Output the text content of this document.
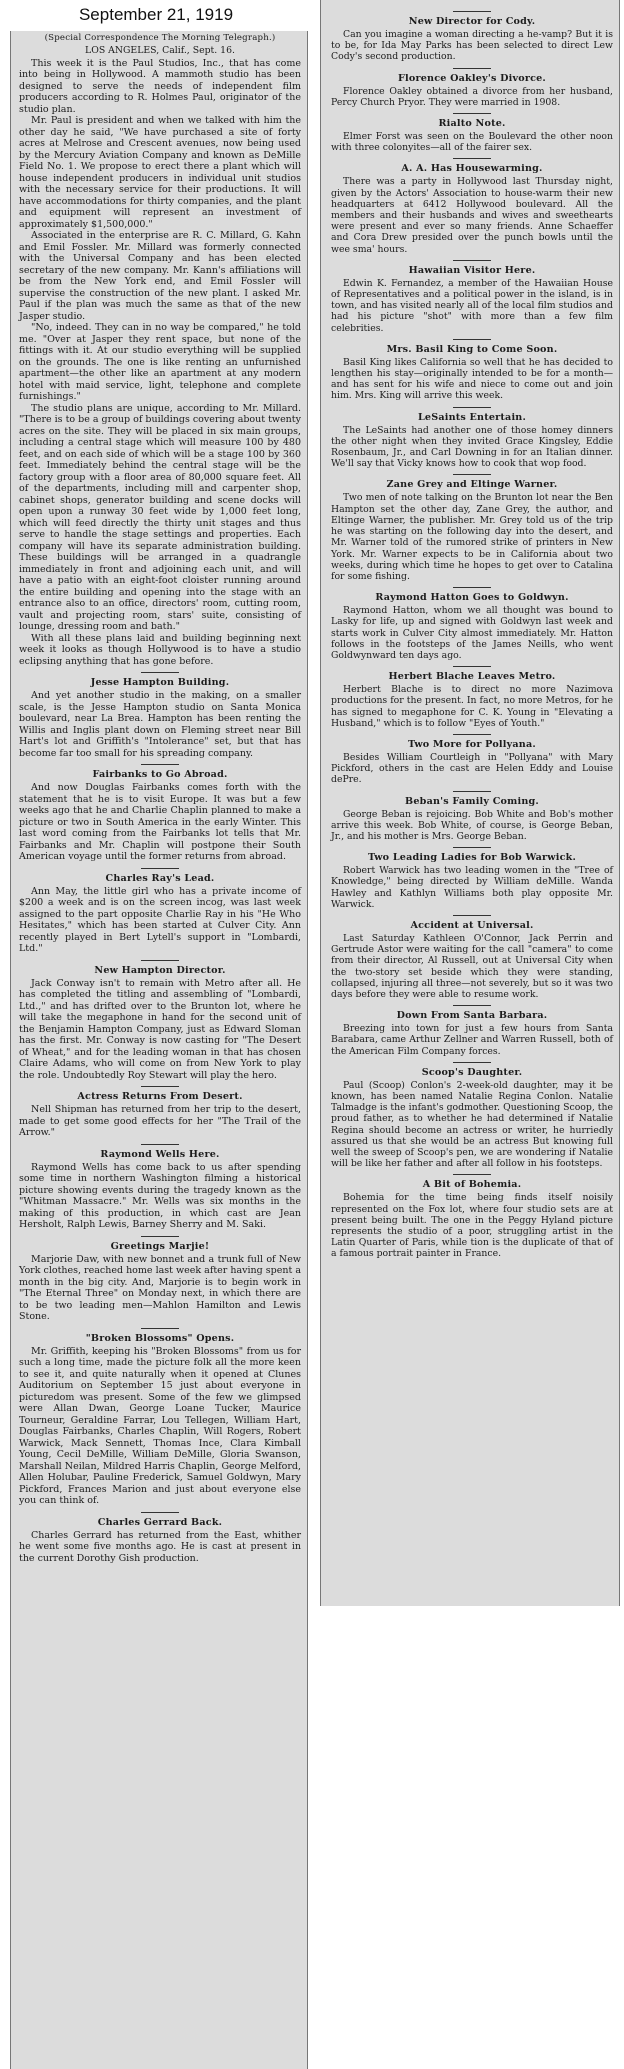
September 21, 1919
(Special Correspondence The Morning Telegraph.)
LOS ANGELES, Calif., Sept. 16.

This week it is the Paul Studios, Inc., that has come into being in Hollywood. A mammoth studio has been designed to serve the needs of independent film producers according to R. Holmes Paul, originator of the studio plan.

Mr. Paul is president and when we talked with him the other day he said, "We have purchased a site of forty acres at Melrose and Crescent avenues, now being used by the Mercury Aviation Company and known as DeMille Field No. 1. We propose to erect there a plant which will house independent producers in individual unit studios with the necessary service for their productions. It will have accommodations for thirty companies, and the plant and equipment will represent an investment of approximately $1,500,000."

Associated in the enterprise are R. C. Millard, G. Kahn and Emil Fossler. Mr. Millard was formerly connected with the Universal Company and has been elected secretary of the new company. Mr. Kann's affiliations will be from the New York end, and Emil Fossler will supervise the construction of the new plant. I asked Mr. Paul if the plan was much the same as that of the new Jasper studio.

"No, indeed. They can in no way be compared," he told me. "Over at Jasper they rent space, but none of the fittings with it. At our studio everything will be supplied on the grounds. The one is like renting an unfurnished apartment—the other like an apartment at any modern hotel with maid service, light, telephone and complete furnishings."

The studio plans are unique, according to Mr. Millard. "There is to be a group of buildings covering about twenty acres on the site. They will be placed in six main groups, including a central stage which will measure 100 by 480 feet, and on each side of which will be a stage 100 by 360 feet. Immediately behind the central stage will be the factory group with a floor area of 80,000 square feet. All of the departments, including mill and carpenter shop, cabinet shops, generator building and scene docks will open upon a runway 30 feet wide by 1,000 feet long, which will feed directly the thirty unit stages and thus serve to handle the stage settings and properties. Each company will have its separate administration building. These buildings will be arranged in a quadrangle immediately in front and adjoining each unit, and will have a patio with an eight-foot cloister running around the entire building and opening into the stage with an entrance also to an office, directors' room, cutting room, vault and projecting room, stars' suite, consisting of lounge, dressing room and bath."

With all these plans laid and building beginning next week it looks as though Hollywood is to have a studio eclipsing anything that has gone before.

Jesse Hampton Building.

And yet another studio in the making, on a smaller scale, is the Jesse Hampton studio on Santa Monica boulevard, near La Brea. Hampton has been renting the Willis and Inglis plant down on Fleming street near Bill Hart's lot and Griffith's "Intolerance" set, but that has become far too small for his spreading company.

Fairbanks to Go Abroad.

And now Douglas Fairbanks comes forth with the statement that he is to visit Europe. It was but a few weeks ago that he and Charlie Chaplin planned to make a picture or two in South America in the early Winter. This last word coming from the Fairbanks lot tells that Mr. Fairbanks and Mr. Chaplin will postpone their South American voyage until the former returns from abroad.

Charles Ray's Lead.

Ann May, the little girl who has a private income of $200 a week and is on the screen incog, was last week assigned to the part opposite Charlie Ray in his "He Who Hesitates," which has been started at Culver City. Ann recently played in Bert Lytell's support in "Lombardi, Ltd."

New Hampton Director.

Jack Conway isn't to remain with Metro after all. He has completed the titling and assembling of "Lombardi, Ltd.," and has drifted over to the Brunton lot, where he will take the megaphone in hand for the second unit of the Benjamin Hampton Company, just as Edward Sloman has the first. Mr. Conway is now casting for "The Desert of Wheat," and for the leading woman in that has chosen Claire Adams, who will come on from New York to play the role. Undoubtedly Roy Stewart will play the hero.

Actress Returns From Desert.

Nell Shipman has returned from her trip to the desert, made to get some good effects for her "The Trail of the Arrow."

Raymond Wells Here.

Raymond Wells has come back to us after spending some time in northern Washington filming a historical picture showing events during the tragedy known as the "Whitman Massacre." Mr. Wells was six months in the making of this production, in which cast are Jean Hersholt, Ralph Lewis, Barney Sherry and M. Saki.

Greetings Marjie!

Marjorie Daw, with new bonnet and a trunk full of New York clothes, reached home last week after having spent a month in the big city. And, Marjorie is to begin work in "The Eternal Three" on Monday next, in which there are to be two leading men—Mahlon Hamilton and Lewis Stone.

"Broken Blossoms" Opens.

Mr. Griffith, keeping his "Broken Blossoms" from us for such a long time, made the picture folk all the more keen to see it, and quite naturally when it opened at Clunes Auditorium on September 15 just about everyone in picturedom was present. Some of the few we glimpsed were Allan Dwan, George Loane Tucker, Maurice Tourneur, Geraldine Farrar, Lou Tellegen, William Hart, Douglas Fairbanks, Charles Chaplin, Will Rogers, Robert Warwick, Mack Sennett, Thomas Ince, Clara Kimball Young, Cecil DeMille, William DeMille, Gloria Swanson, Marshall Neilan, Mildred Harris Chaplin, George Melford, Allen Holubar, Pauline Frederick, Samuel Goldwyn, Mary Pickford, Frances Marion and just about everyone else you can think of.

Charles Gerrard Back.

Charles Gerrard has returned from the East, whither he went some five months ago. He is cast at present in the current Dorothy Gish production.

New Director for Cody.

Can you imagine a woman directing a he-vamp? But it is to be, for Ida May Parks has been selected to direct Lew Cody's second production.

Florence Oakley's Divorce.

Florence Oakley obtained a divorce from her husband, Percy Church Pryor. They were married in 1908.

Rialto Note.

Elmer Forst was seen on the Boulevard the other noon with three colonyites—all of the fairer sex.

A. A. Has Housewarming.

There was a party in Hollywood last Thursday night, given by the Actors' Association to house-warm their new headquarters at 6412 Hollywood boulevard. All the members and their husbands and wives and sweethearts were present and ever so many friends. Anne Schaeffer and Cora Drew presided over the punch bowls until the wee sma' hours.

Hawaiian Visitor Here.

Edwin K. Fernandez, a member of the Hawaiian House of Representatives and a political power in the island, is in town, and has visited nearly all of the local film studios and had his picture "shot" with more than a few film celebrities.

Mrs. Basil King to Come Soon.

Basil King likes California so well that he has decided to lengthen his stay—originally intended to be for a month—and has sent for his wife and niece to come out and join him. Mrs. King will arrive this week.

LeSaints Entertain.

The LeSaints had another one of those homey dinners the other night when they invited Grace Kingsley, Eddie Rosenbaum, Jr., and Carl Downing in for an Italian dinner. We'll say that Vicky knows how to cook that wop food.

Zane Grey and Eltinge Warner.

Two men of note talking on the Brunton lot near the Ben Hampton set the other day, Zane Grey, the author, and Eltinge Warner, the publisher. Mr. Grey told us of the trip he was starting on the following day into the desert, and Mr. Warner told of the rumored strike of printers in New York. Mr. Warner expects to be in California about two weeks, during which time he hopes to get over to Catalina for some fishing.

Raymond Hatton Goes to Goldwyn.

Raymond Hatton, whom we all thought was bound to Lasky for life, up and signed with Goldwyn last week and starts work in Culver City almost immediately. Mr. Hatton follows in the footsteps of the James Neills, who went Goldwynward ten days ago.

Herbert Blache Leaves Metro.

Herbert Blache is to direct no more Nazimova productions for the present. In fact, no more Metros, for he has signed to megaphone for C. K. Young in "Elevating a Husband," which is to follow "Eyes of Youth."

Two More for Pollyana.

Besides William Courtleigh in "Pollyana" with Mary Pickford, others in the cast are Helen Eddy and Louise dePre.

Beban's Family Coming.

George Beban is rejoicing. Bob White and Bob's mother arrive this week. Bob White, of course, is George Beban, Jr., and his mother is Mrs. George Beban.

Two Leading Ladies for Bob Warwick.

Robert Warwick has two leading women in the "Tree of Knowledge," being directed by William deMille. Wanda Hawley and Kathlyn Williams both play opposite Mr. Warwick.

Accident at Universal.

Last Saturday Kathleen O'Connor, Jack Perrin and Gertrude Astor were waiting for the call "camera" to come from their director, Al Russell, out at Universal City when the two-story set beside which they were standing, collapsed, injuring all three—not severely, but so it was two days before they were able to resume work.

Down From Santa Barbara.

Breezing into town for just a few hours from Santa Barabara, came Arthur Zellner and Warren Russell, both of the American Film Company forces.

Scoop's Daughter.

Paul (Scoop) Conlon's 2-week-old daughter, may it be known, has been named Natalie Regina Conlon. Natalie Talmadge is the infant's godmother. Questioning Scoop, the proud father, as to whether he had determined if Natalie Regina should become an actress or writer, he hurriedly assured us that she would be an actress But knowing full well the sweep of Scoop's pen, we are wondering if Natalie will be like her father and after all follow in his footsteps.

A Bit of Bohemia.

Bohemia for the time being finds itself noisily represented on the Fox lot, where four studio sets are at present being built. The one in the Peggy Hyland picture represents the studio of a poor, struggling artist in the Latin Quarter of Paris, while tion is the duplicate of that of a famous portrait painter in France.
